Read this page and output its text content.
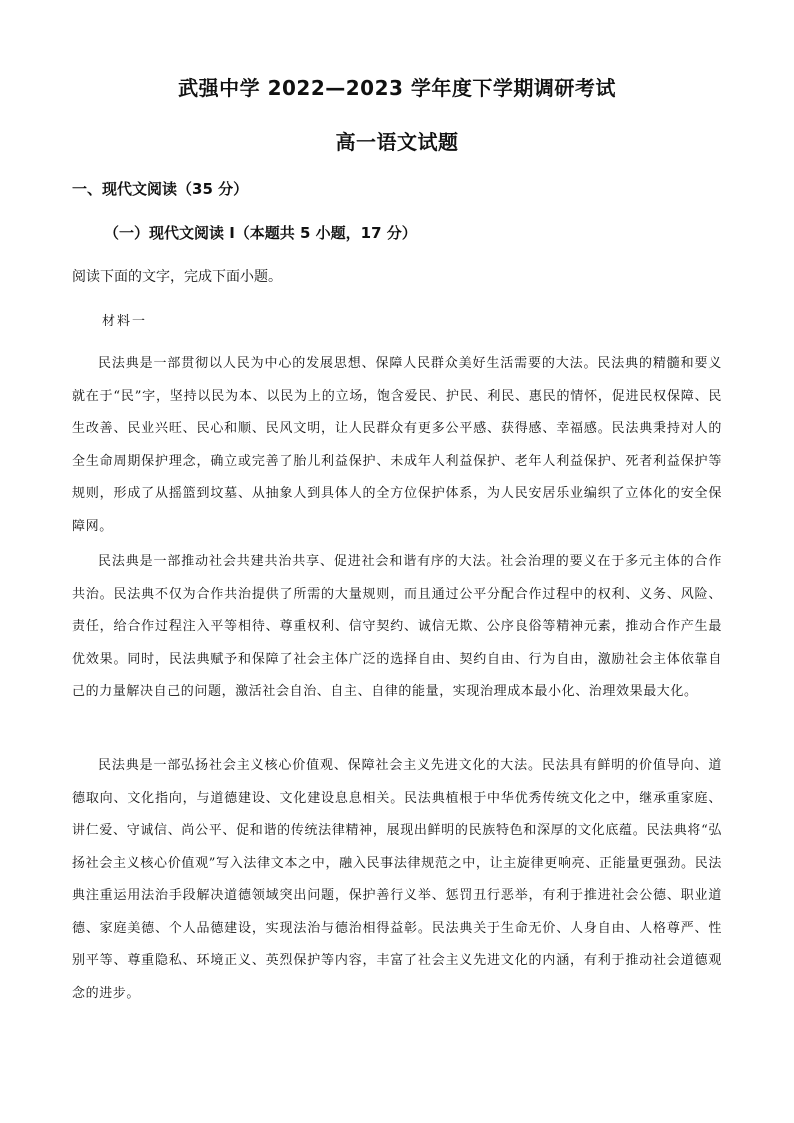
武强中学 2022—2023 学年度下学期调研考试
高一语文试题
一、现代文阅读（35 分）
（一）现代文阅读 I（本题共 5 小题，17 分）
阅读下面的文字，完成下面小题。
材料一

民法典是一部贯彻以人民为中心的发展思想、保障人民群众美好生活需要的大法。民法典的精髓和要义就在于“民”字，坚持以民为本、以民为上的立场，饱含爱民、护民、利民、惠民的情怀，促进民权保障、民生改善、民业兴旺、民心和顺、民风文明，让人民群众有更多公平感、获得感、幸福感。民法典秉持对人的全生命周期保护理念，确立或完善了胎儿利益保护、未成年人利益保护、老年人利益保护、死者利益保护等规则，形成了从摇篮到坟墓、从抽象人到具体人的全方位保护体系，为人民安居乐业编织了立体化的安全保障网。

民法典是一部推动社会共建共治共享、促进社会和谐有序的大法。社会治理的要义在于多元主体的合作共治。民法典不仅为合作共治提供了所需的大量规则，而且通过公平分配合作过程中的权利、义务、风险、责任，给合作过程注入平等相待、尊重权利、信守契约、诚信无欺、公序良俗等精神元素，推动合作产生最优效果。同时，民法典赋予和保障了社会主体广泛的选择自由、契约自由、行为自由，激励社会主体依靠自己的力量解决自己的问题，激活社会自治、自主、自律的能量，实现治理成本最小化、治理效果最大化。

民法典是一部弘扬社会主义核心价值观、保障社会主义先进文化的大法。民法具有鲜明的价值导向、道德取向、文化指向，与道德建设、文化建设息息相关。民法典植根于中华优秀传统文化之中，继承重家庭、讲仁爱、守诚信、尚公平、促和谐的传统法律精神，展现出鲜明的民族特色和深厚的文化底蕴。民法典将“弘扬社会主义核心价值观”写入法律文本之中，融入民事法律规范之中，让主旋律更响亮、正能量更强劲。民法典注重运用法治手段解决道德领域突出问题，保护善行义举、惩罚丑行恶举，有利于推进社会公德、职业道德、家庭美德、个人品德建设，实现法治与德治相得益彰。民法典关于生命无价、人身自由、人格尊严、性别平等、尊重隐私、环境正义、英烈保护等内容，丰富了社会主义先进文化的内涵，有利于推动社会道德观念的进步。
